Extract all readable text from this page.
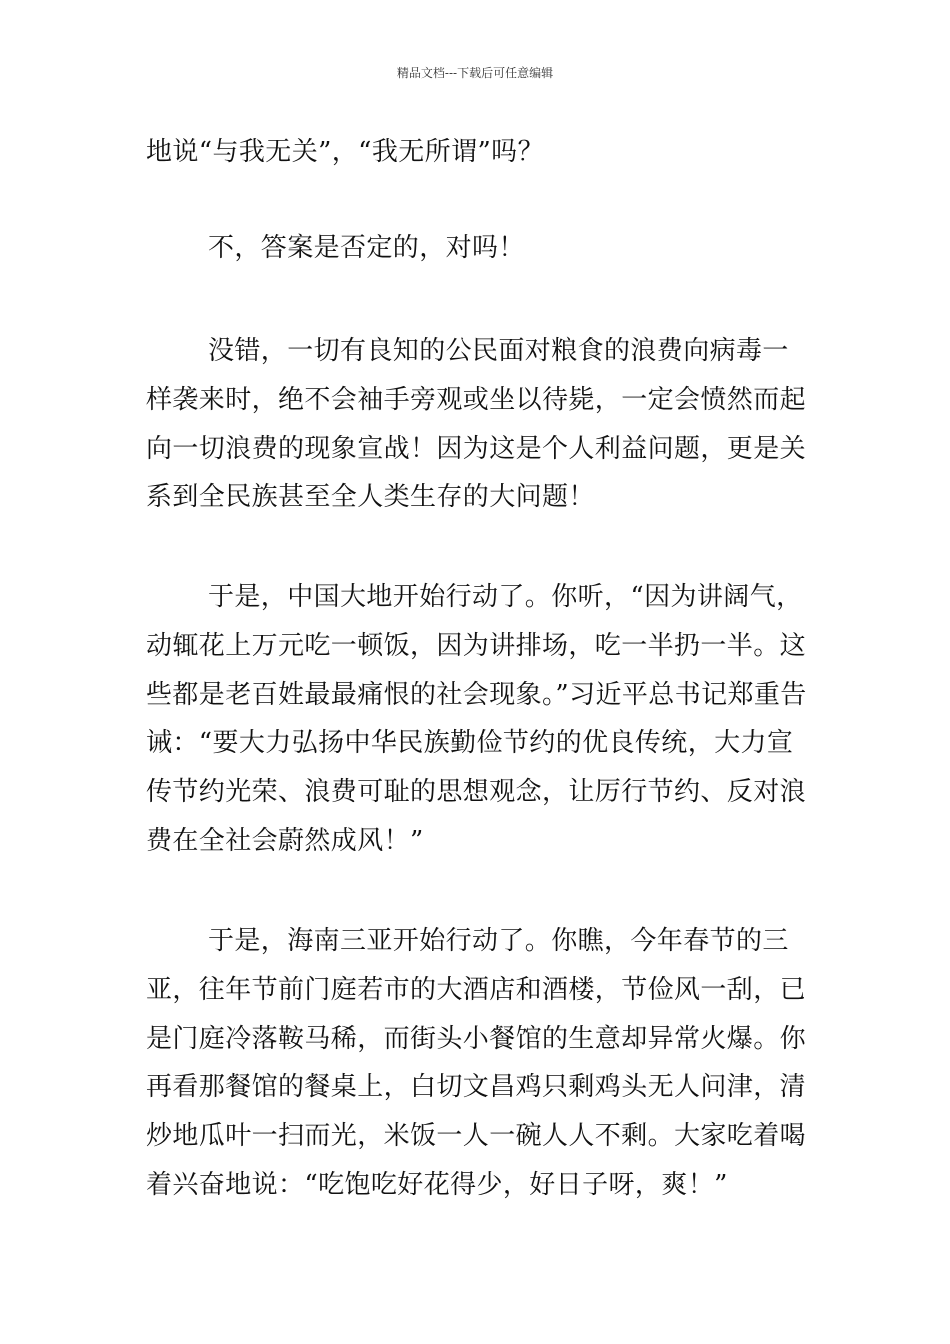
精品文档---下载后可任意编辑

地说“与我无关”，“我无所谓”吗？

不，答案是否定的，对吗！

没错，一切有良知的公民面对粮食的浪费向病毒一样袭来时，绝不会袖手旁观或坐以待毙，一定会愤然而起向一切浪费的现象宣战！因为这是个人利益问题，更是关系到全民族甚至全人类生存的大问题！

于是，中国大地开始行动了。你听，“因为讲阔气，动辄花上万元吃一顿饭，因为讲排场，吃一半扔一半。这些都是老百姓最最痛恨的社会现象。”习近平总书记郑重告诫：“要大力弘扬中华民族勤俭节约的优良传统，大力宣传节约光荣、浪费可耻的思想观念，让厉行节约、反对浪费在全社会蔚然成风！”

于是，海南三亚开始行动了。你瞧，今年春节的三亚，往年节前门庭若市的大酒店和酒楼，节俭风一刮，已是门庭冷落鞍马稀，而街头小餐馆的生意却异常火爆。你再看那餐馆的餐桌上，白切文昌鸡只剩鸡头无人问津，清炒地瓜叶一扫而光，米饭一人一碗人人不剩。大家吃着喝着兴奋地说：“吃饱吃好花得少，好日子呀，爽！”
